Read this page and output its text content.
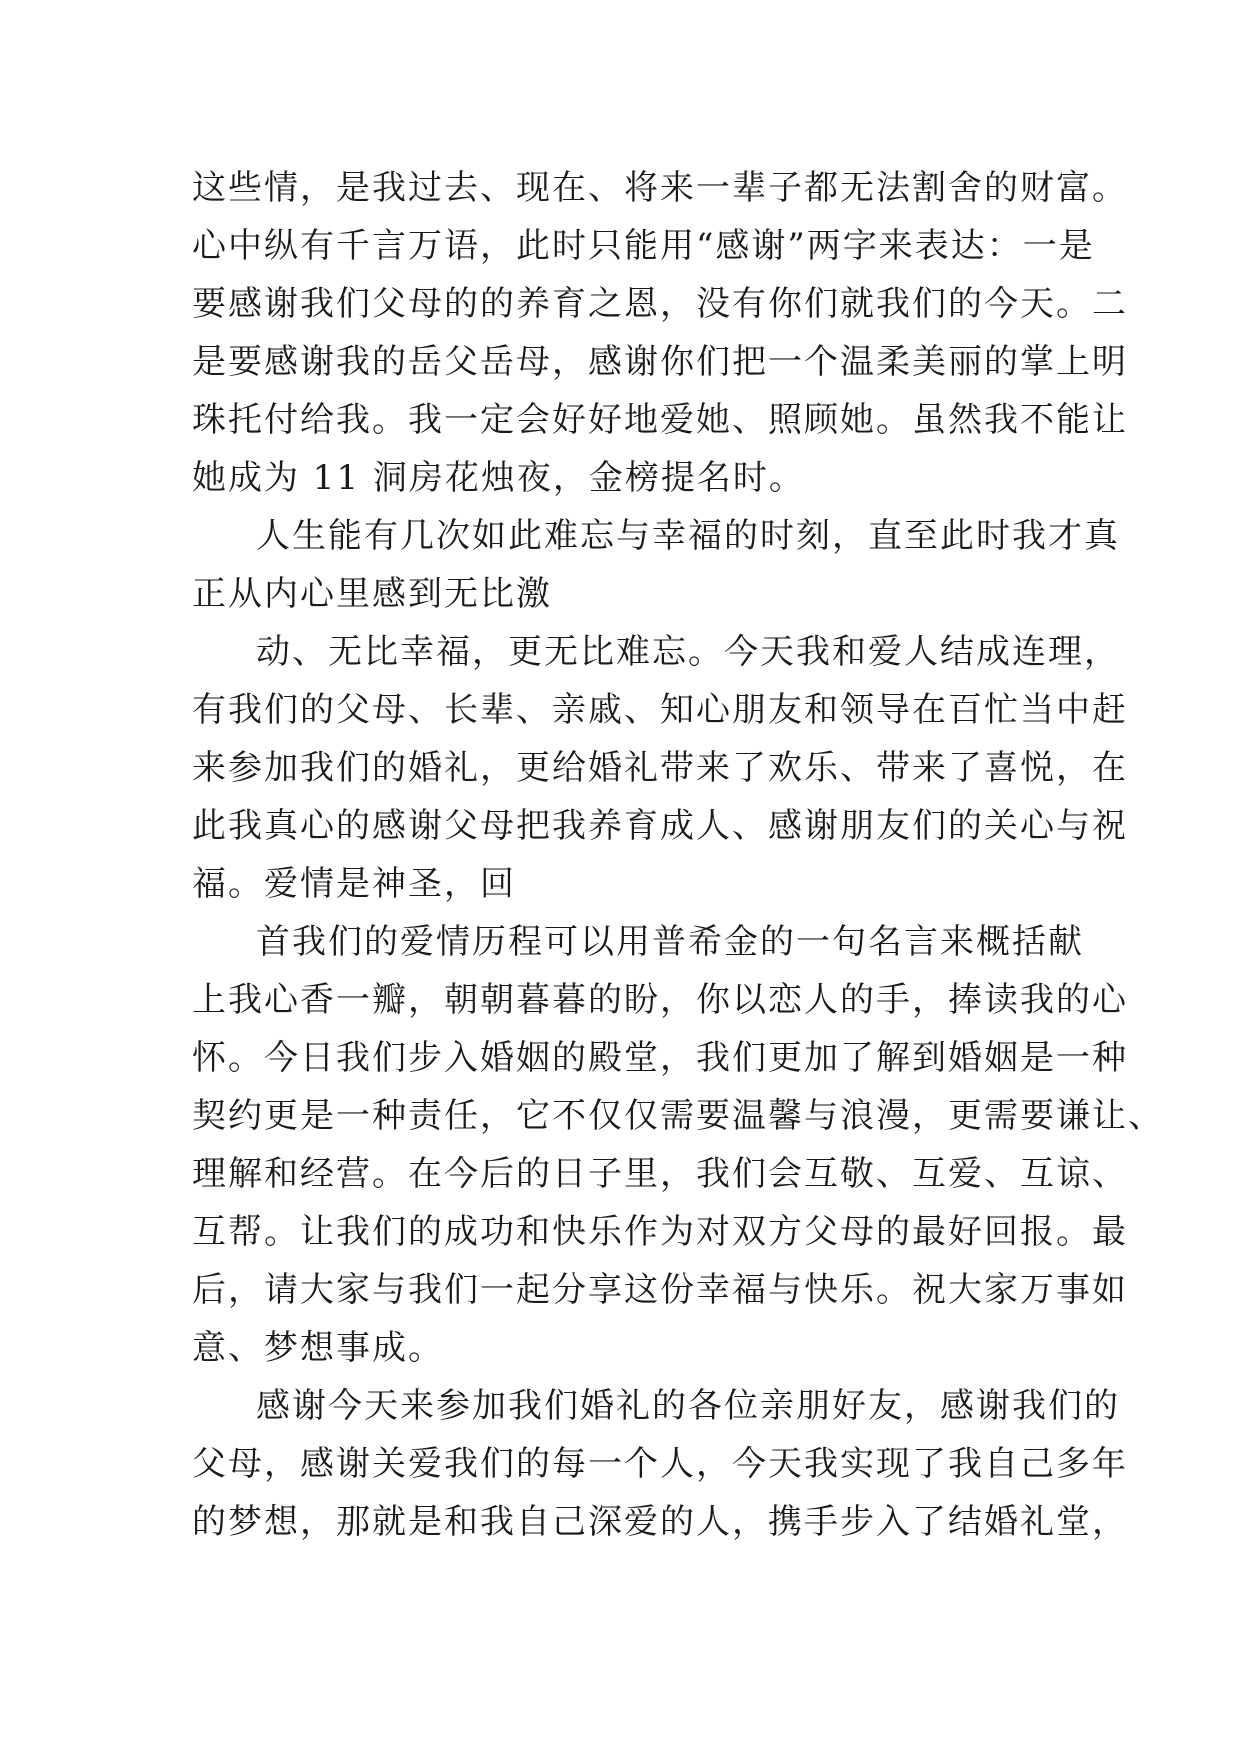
这些情，是我过去、现在、将来一辈子都无法割舍的财富。
心中纵有千言万语，此时只能用“感谢”两字来表达：一是
要感谢我们父母的的养育之恩，没有你们就我们的今天。二
是要感谢我的岳父岳母，感谢你们把一个温柔美丽的掌上明
珠托付给我。我一定会好好地爱她、照顾她。虽然我不能让
她成为 11 洞房花烛夜，金榜提名时。
人生能有几次如此难忘与幸福的时刻，直至此时我才真
正从内心里感到无比激
动、无比幸福，更无比难忘。今天我和爱人结成连理，
有我们的父母、长辈、亲戚、知心朋友和领导在百忙当中赶
来参加我们的婚礼，更给婚礼带来了欢乐、带来了喜悦，在
此我真心的感谢父母把我养育成人、感谢朋友们的关心与祝
福。爱情是神圣，回
首我们的爱情历程可以用普希金的一句名言来概括献
上我心香一瓣，朝朝暮暮的盼，你以恋人的手，捧读我的心
怀。今日我们步入婚姻的殿堂，我们更加了解到婚姻是一种
契约更是一种责任，它不仅仅需要温馨与浪漫，更需要谦让、
理解和经营。在今后的日子里，我们会互敬、互爱、互谅、
互帮。让我们的成功和快乐作为对双方父母的最好回报。最
后，请大家与我们一起分享这份幸福与快乐。祝大家万事如
意、梦想事成。
感谢今天来参加我们婚礼的各位亲朋好友，感谢我们的
父母，感谢关爱我们的每一个人，今天我实现了我自己多年
的梦想，那就是和我自己深爱的人，携手步入了结婚礼堂，
